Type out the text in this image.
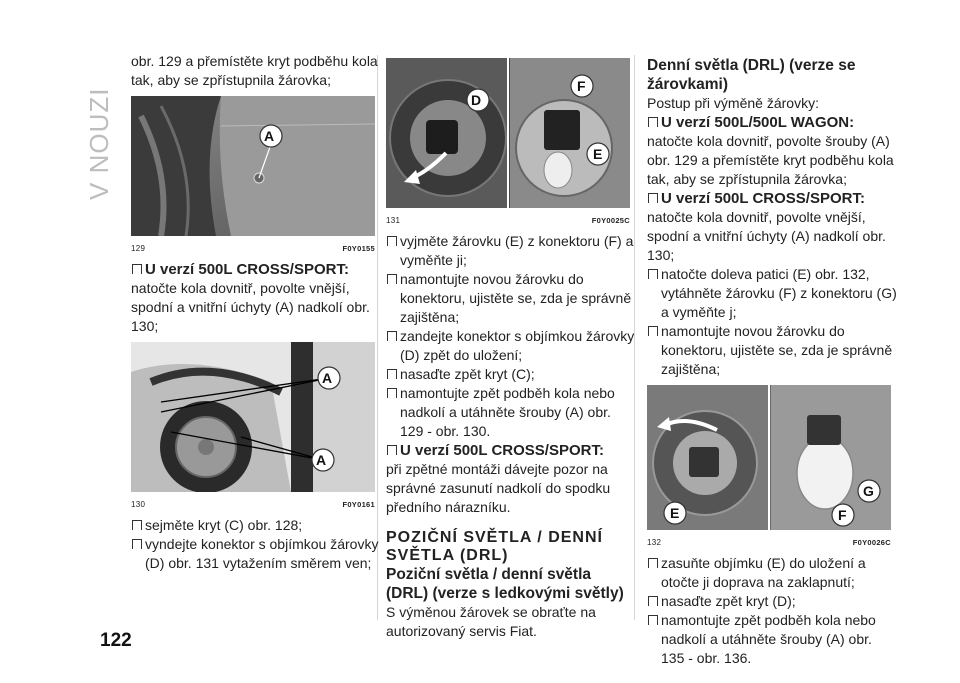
V NOUZI

obr. 129 a přemístěte kryt podběhu kola tak, aby se zpřístupnila žárovka;

A
129	F0Y0155

U verzí 500L CROSS/SPORT:

natočte kola dovnitř, povolte vnější, spodní a vnitřní úchyty (A) nadkolí obr. 130;

A
A
130	F0Y0161

sejměte kryt (C) obr. 128;

vyndejte konektor s objímkou žárovky (D) obr. 131 vytažením směrem ven;

D
F
E
131	F0Y0025C

vyjměte žárovku (E) z konektoru (F) a vyměňte ji;

namontujte novou žárovku do konektoru, ujistěte se, zda je správně zajištěna;

zandejte konektor s objímkou žárovky (D) zpět do uložení;

nasaďte zpět kryt (C);

namontujte zpět podběh kola nebo nadkolí a utáhněte šrouby (A) obr. 129 - obr. 130.

U verzí 500L CROSS/SPORT:

při zpětné montáži dávejte pozor na správné zasunutí nadkolí do spodku předního nárazníku.

POZIČNÍ SVĚTLA / DENNÍ SVĚTLA (DRL)

Poziční světla / denní světla (DRL) (verze s ledkovými světly)

S výměnou žárovek se obraťte na autorizovaný servis Fiat.

Denní světla (DRL) (verze se žárovkami)

Postup při výměně žárovky:

U verzí 500L/500L WAGON:

natočte kola dovnitř, povolte šrouby (A) obr. 129 a přemístěte kryt podběhu kola tak, aby se zpřístupnila žárovka;

U verzí 500L CROSS/SPORT:

natočte kola dovnitř, povolte vnější, spodní a vnitřní úchyty (A) nadkolí obr. 130;

natočte doleva patici (E) obr. 132, vytáhněte žárovku (F) z konektoru (G) a vyměňte j;

namontujte novou žárovku do konektoru, ujistěte se, zda je správně zajištěna;

E
G
F
132	F0Y0026C

zasuňte objímku (E) do uložení a otočte ji doprava na zaklapnutí;

nasaďte zpět kryt (D);

namontujte zpět podběh kola nebo nadkolí a utáhněte šrouby (A) obr. 135 - obr. 136.

122
